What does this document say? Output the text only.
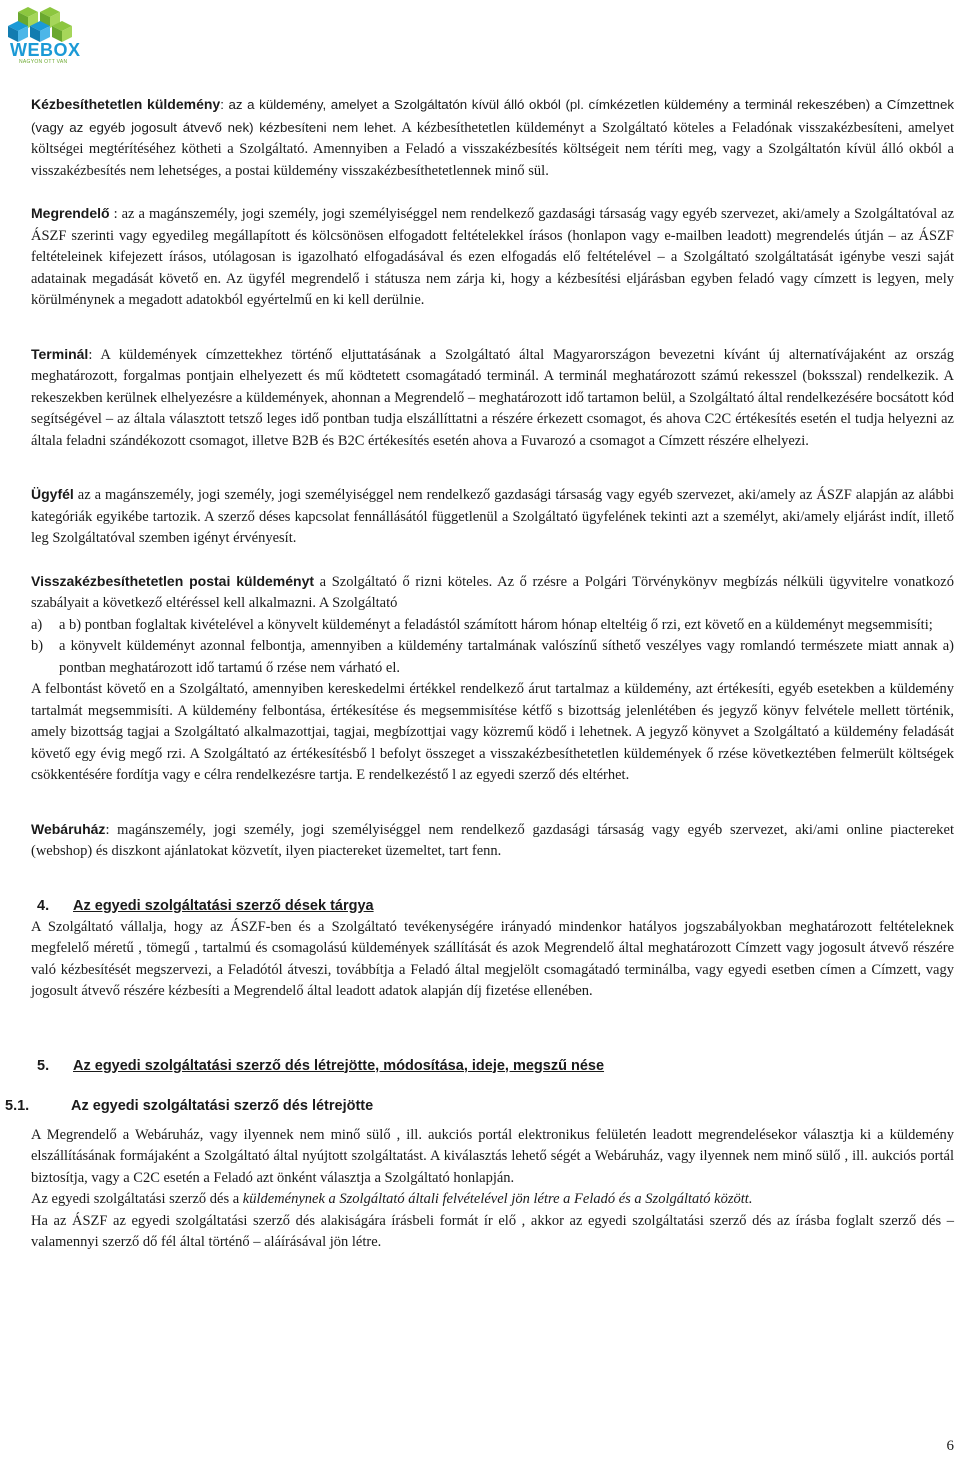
WEBOX
NAGYON OTT VAN

Kézbesíthetetlen küldemény: az a küldemény, amelyet a Szolgáltatón kívül álló okból (pl. címkézetlen küldemény a terminál rekeszében) a Címzettnek (vagy az egyéb jogosult átvevő nek) kézbesíteni nem lehet. A kézbesíthetetlen küldeményt a Szolgáltató köteles a Feladónak visszakézbesíteni, amelyet költségei megtérítéséhez kötheti a Szolgáltató. Amennyiben a Feladó a visszakézbesítés költségeit nem téríti meg, vagy a Szolgáltatón kívül álló okból a visszakézbesítés nem lehetséges, a postai küldemény visszakézbesíthetetlennek minő sül.

Megrendelő : az a magánszemély, jogi személy, jogi személyiséggel nem rendelkező gazdasági társaság vagy egyéb szervezet, aki/amely a Szolgáltatóval az ÁSZF szerinti vagy egyedileg megállapított és kölcsönösen elfogadott feltételekkel írásos (honlapon vagy e-mailben leadott) megrendelés útján – az ÁSZF feltételeinek kifejezett írásos, utólagosan is igazolható elfogadásával és ezen elfogadás elő feltételével – a Szolgáltató szolgáltatását igénybe veszi saját adatainak megadását követő en. Az ügyfél megrendelő i státusza nem zárja ki, hogy a kézbesítési eljárásban egyben feladó vagy címzett is legyen, mely körülménynek a megadott adatokból egyértelmű en ki kell derülnie.

Terminál: A küldemények címzettekhez történő eljuttatásának a Szolgáltató által Magyarországon bevezetni kívánt új alternatívájaként az ország meghatározott, forgalmas pontjain elhelyezett és mű ködtetett csomagátadó terminál. A terminál meghatározott számú rekesszel (boksszal) rendelkezik. A rekeszekben kerülnek elhelyezésre a küldemények, ahonnan a Megrendelő – meghatározott idő tartamon belül, a Szolgáltató által rendelkezésére bocsátott kód segítségével – az általa választott tetsző leges idő pontban tudja elszállíttatni a részére érkezett csomagot, és ahova C2C értékesítés esetén el tudja helyezni az általa feladni szándékozott csomagot, illetve B2B és B2C értékesítés esetén ahova a Fuvarozó a csomagot a Címzett részére elhelyezi.

Ügyfél az a magánszemély, jogi személy, jogi személyiséggel nem rendelkező gazdasági társaság vagy egyéb szervezet, aki/amely az ÁSZF alapján az alábbi kategóriák egyikébe tartozik. A szerző déses kapcsolat fennállásától függetlenül a Szolgáltató ügyfelének tekinti azt a személyt, aki/amely eljárást indít, illető leg Szolgáltatóval szemben igényt érvényesít.

Visszakézbesíthetetlen postai küldeményt a Szolgáltató ő rizni köteles. Az ő rzésre a Polgári Törvénykönyv megbízás nélküli ügyvitelre vonatkozó szabályait a következő eltéréssel kell alkalmazni. A Szolgáltató

a)	a b) pontban foglaltak kivételével a könyvelt küldeményt a feladástól számított három hónap elteltéig ő rzi, ezt követő en a küldeményt megsemmisíti;

b)	a könyvelt küldeményt azonnal felbontja, amennyiben a küldemény tartalmának valószínű síthető veszélyes vagy romlandó természete miatt annak a) pontban meghatározott idő tartamú ő rzése nem várható el.

A felbontást követő en a Szolgáltató, amennyiben kereskedelmi értékkel rendelkező árut tartalmaz a küldemény, azt értékesíti, egyéb esetekben a küldemény tartalmát megsemmisíti. A küldemény felbontása, értékesítése és megsemmisítése kétfő s bizottság jelenlétében és jegyző könyv felvétele mellett történik, amely bizottság tagjai a Szolgáltató alkalmazottjai, tagjai, megbízottjai vagy közremű ködő i lehetnek. A jegyző könyvet a Szolgáltató a küldemény feladását követő egy évig megő rzi. A Szolgáltató az értékesítésbő l befolyt összeget a visszakézbesíthetetlen küldemények ő rzése következtében felmerült költségek csökkentésére fordítja vagy e célra rendelkezésre tartja. E rendelkezéstő l az egyedi szerző dés eltérhet.

Webáruház: magánszemély, jogi személy, jogi személyiséggel nem rendelkező gazdasági társaság vagy egyéb szervezet, aki/ami online piactereket (webshop) és diszkont ajánlatokat közvetít, ilyen piactereket üzemeltet, tart fenn.

4. Az egyedi szolgáltatási szerző dések tárgya

A Szolgáltató vállalja, hogy az ÁSZF-ben és a Szolgáltató tevékenységére irányadó mindenkor hatályos jogszabályokban meghatározott feltételeknek megfelelő méretű , tömegű , tartalmú és csomagolású küldemények szállítását és azok Megrendelő által meghatározott Címzett vagy jogosult átvevő részére való kézbesítését megszervezi, a Feladótól átveszi, továbbítja a Feladó által megjelölt csomagátadó terminálba, vagy egyedi esetben címen a Címzett, vagy jogosult átvevő részére kézbesíti a Megrendelő által leadott adatok alapján díj fizetése ellenében.

5. Az egyedi szolgáltatási szerző dés létrejötte, módosítása, ideje, megszű nése
5.1.	Az egyedi szolgáltatási szerző dés létrejötte

A Megrendelő a Webáruház, vagy ilyennek nem minő sülő , ill. aukciós portál elektronikus felületén leadott megrendelésekor választja ki a küldemény elszállításának formájaként a Szolgáltató által nyújtott szolgáltatást. A kiválasztás lehető ségét a Webáruház, vagy ilyennek nem minő sülő , ill. aukciós portál biztosítja, vagy a C2C esetén a Feladó azt önként választja a Szolgáltató honlapján.

Az egyedi szolgáltatási szerző dés a küldeménynek a Szolgáltató általi felvételével jön létre a Feladó és a Szolgáltató között.

Ha az ÁSZF az egyedi szolgáltatási szerző dés alakiságára írásbeli formát ír elő , akkor az egyedi szolgáltatási szerző dés az írásba foglalt szerző dés – valamennyi szerző dő fél által történő – aláírásával jön létre.

6
